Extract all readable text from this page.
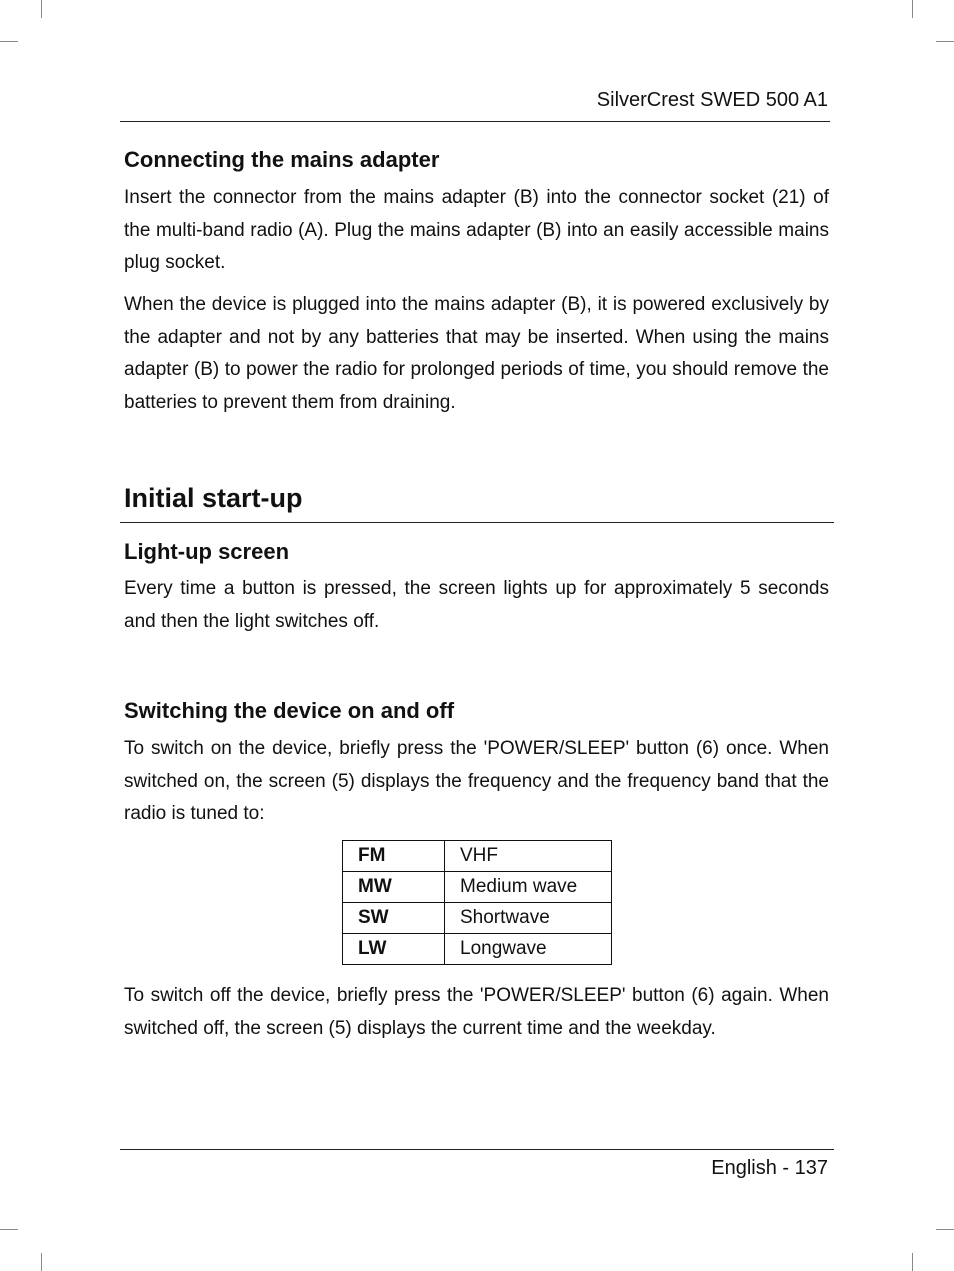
SilverCrest SWED 500 A1
Connecting the mains adapter

Insert the connector from the mains adapter (B) into the connector socket (21) of the multi-band radio (A). Plug the mains adapter (B) into an easily accessible mains plug socket.

When the device is plugged into the mains adapter (B), it is powered exclusively by the adapter and not by any batteries that may be inserted. When using the mains adapter (B) to power the radio for prolonged periods of time, you should remove the batteries to prevent them from draining.

Initial start-up
Light-up screen

Every time a button is pressed, the screen lights up for approximately 5 seconds and then the light switches off.

Switching the device on and off

To switch on the device, briefly press the 'POWER/SLEEP' button (6) once. When switched on, the screen (5) displays the frequency and the frequency band that the radio is tuned to:

FM	VHF
MW	Medium wave
SW	Shortwave
LW	Longwave

To switch off the device, briefly press the 'POWER/SLEEP' button (6) again. When switched off, the screen (5) displays the current time and the weekday.

English - 137
